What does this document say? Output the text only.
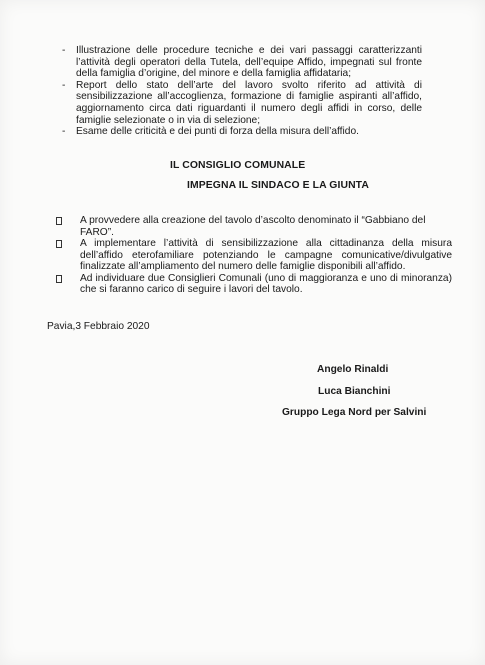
- Illustrazione delle procedure tecniche e dei vari passaggi caratterizzanti l’attività degli operatori della Tutela, dell’equipe Affido, impegnati sul fronte della famiglia d’origine, del minore e della famiglia affidataria;
- Report dello stato dell’arte del lavoro svolto riferito ad attività di sensibilizzazione all’accoglienza, formazione di famiglie aspiranti all’affido, aggiornamento circa dati riguardanti il numero degli affidi in corso, delle famiglie selezionate o in via di selezione;
- Esame delle criticità e dei punti di forza della misura dell’affido.
IL CONSIGLIO COMUNALE
IMPEGNA IL SINDACO E LA GIUNTA
A provvedere alla creazione del tavolo d’ascolto denominato il “Gabbiano del FARO”.
A implementare l’attività di sensibilizzazione alla cittadinanza della misura dell’affido eterofamiliare potenziando le campagne comunicative/divulgative finalizzate all’ampliamento del numero delle famiglie disponibili all’affido.
Ad individuare due Consiglieri Comunali (uno di maggioranza e uno di minoranza) che si faranno carico di seguire i lavori del tavolo.
Pavia,3 Febbraio 2020
Angelo Rinaldi
Luca Bianchini
Gruppo Lega Nord per Salvini
